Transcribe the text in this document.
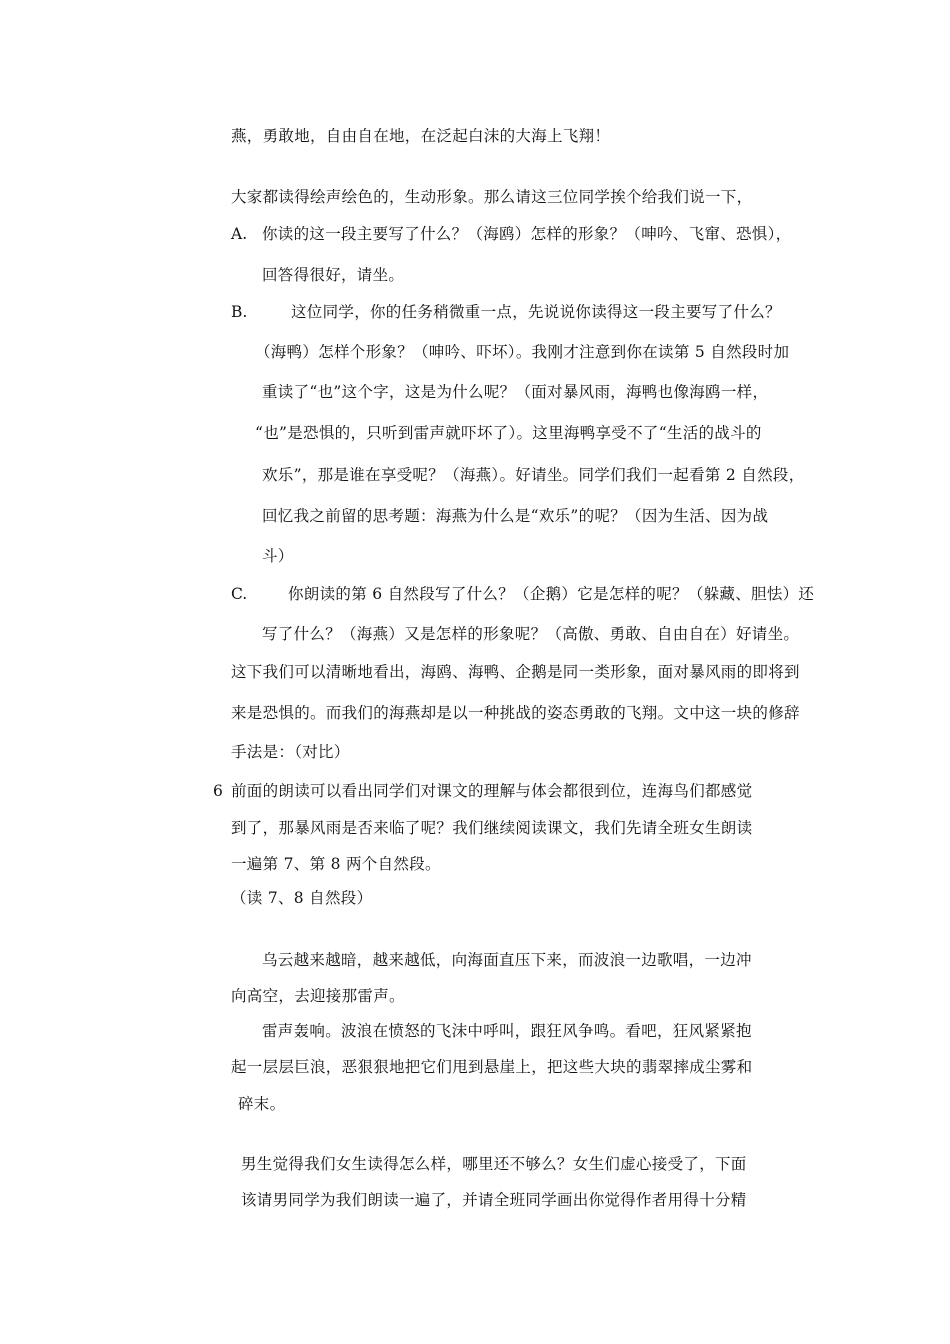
燕，勇敢地，自由自在地，在泛起白沫的大海上飞翔！
大家都读得绘声绘色的，生动形象。那么请这三位同学挨个给我们说一下，
A. 你读的这一段主要写了什么？（海鸥）怎样的形象？（呻吟、飞窜、恐惧），
回答得很好，请坐。
B.	这位同学，你的任务稍微重一点，先说说你读得这一段主要写了什么？
（海鸭）怎样个形象？（呻吟、吓坏）。我刚才注意到你在读第 5 自然段时加
重读了“也”这个字，这是为什么呢？（面对暴风雨，海鸭也像海鸥一样，
“也”是恐惧的，只听到雷声就吓坏了）。这里海鸭享受不了“生活的战斗的
欢乐”，那是谁在享受呢？（海燕）。好请坐。同学们我们一起看第 2 自然段，
回忆我之前留的思考题：海燕为什么是“欢乐”的呢？（因为生活、因为战
斗）
C.	你朗读的第 6 自然段写了什么？（企鹅）它是怎样的呢？（躲藏、胆怯）还
写了什么？（海燕）又是怎样的形象呢？（高傲、勇敢、自由自在）好请坐。
这下我们可以清晰地看出，海鸥、海鸭、企鹅是同一类形象，面对暴风雨的即将到
来是恐惧的。而我们的海燕却是以一种挑战的姿态勇敢的飞翔。文中这一块的修辞
手法是：（对比）
6 前面的朗读可以看出同学们对课文的理解与体会都很到位，连海鸟们都感觉
到了，那暴风雨是否来临了呢？我们继续阅读课文，我们先请全班女生朗读
一遍第 7、第 8 两个自然段。
（读 7、8 自然段）
乌云越来越暗，越来越低，向海面直压下来，而波浪一边歌唱，一边冲
向高空，去迎接那雷声。
雷声轰响。波浪在愤怒的飞沫中呼叫，跟狂风争鸣。看吧，狂风紧紧抱
起一层层巨浪，恶狠狠地把它们甩到悬崖上，把这些大块的翡翠摔成尘雾和
碎末。
男生觉得我们女生读得怎么样，哪里还不够么？女生们虚心接受了，下面
该请男同学为我们朗读一遍了，并请全班同学画出你觉得作者用得十分精
